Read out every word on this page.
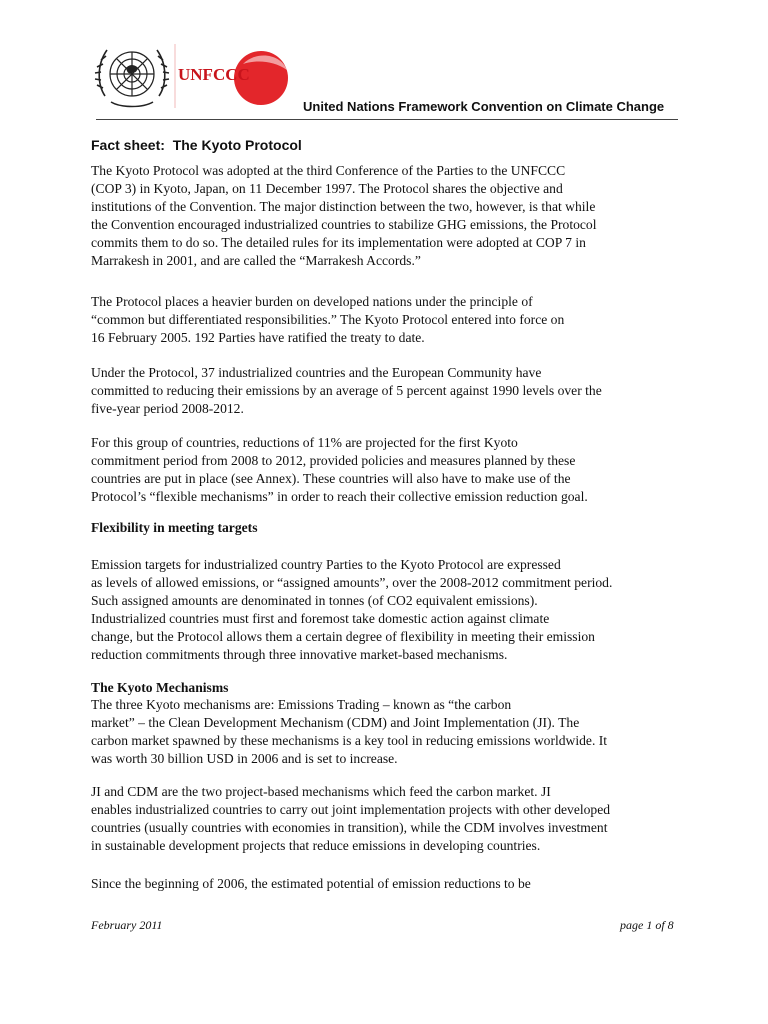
UNFCCC
United Nations Framework Convention on Climate Change
Fact sheet:  The Kyoto Protocol
The Kyoto Protocol was adopted at the third Conference of the Parties to the UNFCCC
(COP 3) in Kyoto, Japan, on 11 December 1997. The Protocol shares the objective and
institutions of the Convention. The major distinction between the two, however, is that while
the Convention encouraged industrialized countries to stabilize GHG emissions, the Protocol
commits them to do so. The detailed rules for its implementation were adopted at COP 7 in
Marrakesh in 2001, and are called the “Marrakesh Accords.”
The Protocol places a heavier burden on developed nations under the principle of
“common but differentiated responsibilities.” The Kyoto Protocol entered into force on
16 February 2005. 192 Parties have ratified the treaty to date.
Under the Protocol, 37 industrialized countries and the European Community have
committed to reducing their emissions by an average of 5 percent against 1990 levels over the
five-year period 2008-2012.
For this group of countries, reductions of 11% are projected for the first Kyoto
commitment period from 2008 to 2012, provided policies and measures planned by these
countries are put in place (see Annex). These countries will also have to make use of the
Protocol’s “flexible mechanisms” in order to reach their collective emission reduction goal.
Flexibility in meeting targets
Emission targets for industrialized country Parties to the Kyoto Protocol are expressed
as levels of allowed emissions, or “assigned amounts”, over the 2008-2012 commitment period.
Such assigned amounts are denominated in tonnes (of CO2 equivalent emissions).
Industrialized countries must first and foremost take domestic action against climate
change, but the Protocol allows them a certain degree of flexibility in meeting their emission
reduction commitments through three innovative market-based mechanisms.
The Kyoto Mechanisms
The three Kyoto mechanisms are: Emissions Trading – known as “the carbon
market” – the Clean Development Mechanism (CDM) and Joint Implementation (JI). The
carbon market spawned by these mechanisms is a key tool in reducing emissions worldwide. It
was worth 30 billion USD in 2006 and is set to increase.
JI and CDM are the two project-based mechanisms which feed the carbon market. JI
enables industrialized countries to carry out joint implementation projects with other developed
countries (usually countries with economies in transition), while the CDM involves investment
in sustainable development projects that reduce emissions in developing countries.
Since the beginning of 2006, the estimated potential of emission reductions to be
February 2011	page 1 of 8
